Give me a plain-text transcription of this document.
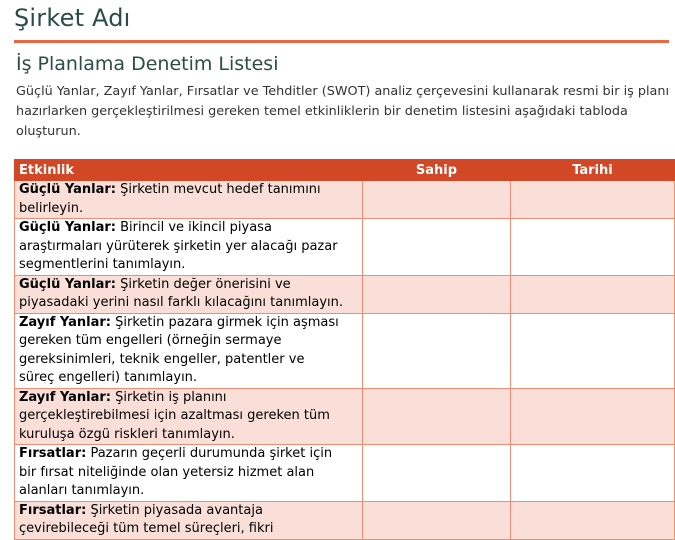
Şirket Adı
İş Planlama Denetim Listesi
Güçlü Yanlar, Zayıf Yanlar, Fırsatlar ve Tehditler (SWOT) analiz çerçevesini kullanarak resmi bir iş planı
hazırlarken gerçekleştirilmesi gereken temel etkinliklerin bir denetim listesini aşağıdaki tabloda
oluşturun.
Etkinlik	Sahip	Tarihi

Güçlü Yanlar: Şirketin mevcut hedef tanımını
belirleyin.		

Güçlü Yanlar: Birincil ve ikincil piyasa
araştırmaları yürüterek şirketin yer alacağı pazar
segmentlerini tanımlayın.		

Güçlü Yanlar: Şirketin değer önerisini ve
piyasadaki yerini nasıl farklı kılacağını tanımlayın.		

Zayıf Yanlar: Şirketin pazara girmek için aşması
gereken tüm engelleri (örneğin sermaye
gereksinimleri, teknik engeller, patentler ve
süreç engelleri) tanımlayın.		

Zayıf Yanlar: Şirketin iş planını
gerçekleştirebilmesi için azaltması gereken tüm
kuruluşa özgü riskleri tanımlayın.		

Fırsatlar: Pazarın geçerli durumunda şirket için
bir fırsat niteliğinde olan yetersiz hizmet alan
alanları tanımlayın.		

Fırsatlar: Şirketin piyasada avantaja
çevirebileceği tüm temel süreçleri, fikri		
